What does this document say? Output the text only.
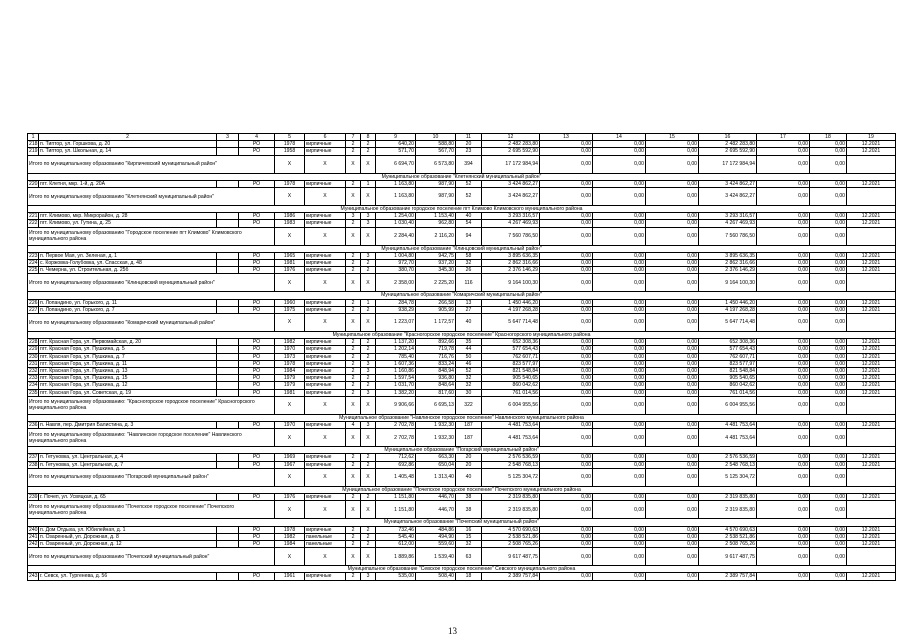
1	2	3	4	5	6	7	8	9	10	11	12	13	14	15	16	17	18	19
218	п. Типтор, ул. Горшкова, д. 20		РО	1978	кирпичные	2	2	640,20	588,80	20	2 482 283,80	0,00	0,00	0,00	2 482 283,80	0,00	0,00	12.2021
219	п. Типтор, ул. Школьная, д. 14		РО	1958	кирпичные	2	2	571,70	567,70	23	2 695 592,90	0,00	0,00	0,00	2 695 592,90	0,00	0,00	12.2021
Итого по муниципальному образованию "Кирпичевский муниципальный район"				X	X	X	X	6 694,70	6 573,80	394	17 172 984,94	0,00	0,00	0,00	17 172 984,94	0,00	0,00	
Муниципальное образование "Клетнянский муниципальный район"																		
220	пгт. Клетня, мкр. 1-й, д. 20А		РО	1978	кирпичные	2	1	1 163,80	987,90	52	3 424 862,27	0,00	0,00	0,00	3 424 862,27	0,00	0,00	12.2021
Итого по муниципальному образованию "Клетнянский муниципальный район"				X	X	X	X	1 163,80	987,90	52	3 424 862,27	0,00	0,00	0,00	3 424 862,27	0,00	0,00	
Муниципальное образование городское поселение пгт Климово Климовского муниципального района																		
221	пгт. Климово, мкр. Микрорайон, д. 28		РО	1986	кирпичные	3	3	1 254,00	1 153,40	40	3 293 316,57	0,00	0,00	0,00	3 293 316,57	0,00	0,00	12.2021
222	пгт. Климово, ул. Гутина, д. 25		РО	1983	кирпичные	2	3	1 030,40	962,80	54	4 267 469,93	0,00	0,00	0,00	4 267 469,93	0,00	0,00	12.2021
Итого по муниципальному образованию "Городское поселение пгт Климово" Климовского муниципального района				X	X	X	X	2 284,40	2 116,20	94	7 560 786,50	0,00	0,00	0,00	7 560 786,50	0,00	0,00	
Муниципальное образование "Клинцовский муниципальный район"																		
223	п. Первое Мая, ул. Зеленая, д. 1		РО	1965	кирпичные	2	3	1 004,80	942,75	58	3 895 636,35	0,00	0,00	0,00	3 895 636,35	0,00	0,00	12.2021
224	с. Коржовка-Голубовка, ул. Спасская, д. 48		РО	1981	кирпичные	2	2	972,70	937,20	32	2 862 316,66	0,00	0,00	0,00	2 862 316,66	0,00	0,00	12.2021
225	п. Чемерна, ул. Строительная, д. 25б		РО	1976	кирпичные	2	2	380,70	345,30	26	2 376 146,29	0,00	0,00	0,00	2 376 146,29	0,00	0,00	12.2021
Итого по муниципальному образованию "Клинцовский муниципальный район"				X	X	X	X	2 358,00	2 225,20	116	9 164 100,30	0,00	0,00	0,00	9 164 100,30	0,00	0,00	
Муниципальное образование "Комаричский муниципальный район"																		
226	п. Лопандино, ул. Горького, д. 11		РО	1960	кирпичные	2	1	284,78	266,58	13	1 450 446,20	0,00	0,00	0,00	1 450 446,20	0,00	0,00	12.2021
227	п. Лопандино, ул. Горького, д. 7		РО	1975	кирпичные	2	2	938,29	905,99	27	4 197 268,28	0,00	0,00	0,00	4 197 268,28	0,00	0,00	12.2021
Итого по муниципальному образованию "Комаричский муниципальный район"				X	X	X	X	1 223,07	1 172,57	40	5 647 714,48	0,00	0,00	0,00	5 647 714,48	0,00	0,00	
Муниципальное образование "Красногорское городское поселение" Красногорского муниципального района																		
228	пгт. Красная Гора, ул. Первомайская, д. 20		РО	1982	кирпичные	2	2	1 137,20	892,66	35	652 308,36	0,00	0,00	0,00	652 308,36	0,00	0,00	12.2021
229	пгт. Красная Гора, ул. Пушкина, д. 5		РО	1970	кирпичные	2	2	1 202,14	719,78	44	577 654,43	0,00	0,00	0,00	577 654,43	0,00	0,00	12.2021
230	пгт. Красная Гора, ул. Пушкина, д. 7		РО	1973	кирпичные	2	2	785,40	716,76	50	762 607,71	0,00	0,00	0,00	762 607,71	0,00	0,00	12.2021
231	пгт. Красная Гора, ул. Пушкина, д. 11		РО	1978	кирпичные	2	3	1 607,36	833,24	46	823 577,97	0,00	0,00	0,00	823 577,97	0,00	0,00	12.2021
232	пгт. Красная Гора, ул. Пушкина, д. 13		РО	1984	кирпичные	2	3	1 160,86	848,94	52	821 548,84	0,00	0,00	0,00	821 548,84	0,00	0,00	12.2021
233	пгт. Красная Гора, ул. Пушкина, д. 15		РО	1979	кирпичные	2	2	1 597,54	936,80	32	905 540,65	0,00	0,00	0,00	905 540,65	0,00	0,00	12.2021
234	пгт. Красная Гора, ул. Пушкина, д. 12		РО	1979	кирпичные	2	2	1 031,70	848,64	32	860 042,62	0,00	0,00	0,00	860 042,62	0,00	0,00	12.2021
235	пгт. Красная Гора, ул. Советская, д. 19		РО	1981	кирпичные	2	3	1 382,20	817,60	30	761 014,56	0,00	0,00	0,00	761 014,56	0,00	0,00	12.2021
Итого по муниципальному образованию: "Красногорское городское поселение" Красногорского муниципального района				X	X	X	X	9 906,66	6 695,13	322	6 004 955,56	0,00	0,00	0,00	6 004 955,56	0,00	0,00	
Муниципальное образование "Навлинское городское поселение" Навлинского муниципального района																		
236	п. Навля, пер. Дмитрия Балистина, д. 3		РО	1970	кирпичные	4	3	2 702,78	1 932,30	187	4 481 753,64	0,00	0,00	0,00	4 481 753,64	0,00	0,00	12.2021
Итого по муниципальному образованию: "Навлинское городское поселение" Навлинского муниципального района				X	X	X	X	2 702,78	1 932,30	187	4 481 753,64	0,00	0,00	0,00	4 481 753,64	0,00	0,00	
Муниципальное образование "Погарский муниципальный район"																		
237	п. Гетуновка, ул. Центральная, д. 4		РО	1969	кирпичные	2	2	712,62	663,30	20	2 576 536,59	0,00	0,00	0,00	2 576 536,59	0,00	0,00	12.2021
238	п. Гетуновка, ул. Центральная, д. 7		РО	1967	кирпичные	2	2	692,86	650,04	20	2 548 768,13	0,00	0,00	0,00	2 548 768,13	0,00	0,00	12.2021
Итого по муниципальному образованию "Погарский муниципальный район"				X	X	X	X	1 405,48	1 313,40	40	5 125 304,72	0,00	0,00	0,00	5 125 304,72	0,00	0,00	
Муниципальное образование "Почепское городское поселение" Почепского муниципального района																		
239	г. Почеп, ул. Усвяцкая, д. 65		РО	1976	кирпичные	2	2	1 151,80	446,70	38	2 319 835,80	0,00	0,00	0,00	2 319 835,80	0,00	0,00	12.2021
Итого по муниципальному образованию "Почепское городское поселение" Почепского муниципального района				X	X	X	X	1 151,80	446,70	38	2 319 835,80	0,00	0,00	0,00	2 319 835,80	0,00	0,00	
Муниципальное образование "Почепский муниципальный район"																		
240	п. Дом Отдыха, ул. Юбилейная, д. 1		РО	1978	кирпичные	2	2	732,46	484,86	16	4 570 690,63	0,00	0,00	0,00	4 570 690,63	0,00	0,00	12.2021
241	п. Озаренный, ул. Дорожная, д. 8		РО	1982	панельные	2	2	545,40	494,90	15	2 538 521,86	0,00	0,00	0,00	2 538 521,86	0,00	0,00	12.2021
242	п. Озаренный, ул. Дорожная, д. 12		РО	1984	панельные	2	2	612,00	559,60	32	2 508 765,26	0,00	0,00	0,00	2 508 765,26	0,00	0,00	12.2021
Итого по муниципальному образованию "Почепский муниципальный район"				X	X	X	X	1 889,86	1 539,40	63	9 617 487,75	0,00	0,00	0,00	9 617 487,75	0,00	0,00	
Муниципальное образование "Севское городское поселение" Севского муниципального района																		
243	г. Севск, ул. Тургенева, д. 56		РО	1961	кирпичные	2	3	535,00	508,40	18	2 389 757,84	0,00	0,00	0,00	2 389 757,84	0,00	0,00	12.2021
13
